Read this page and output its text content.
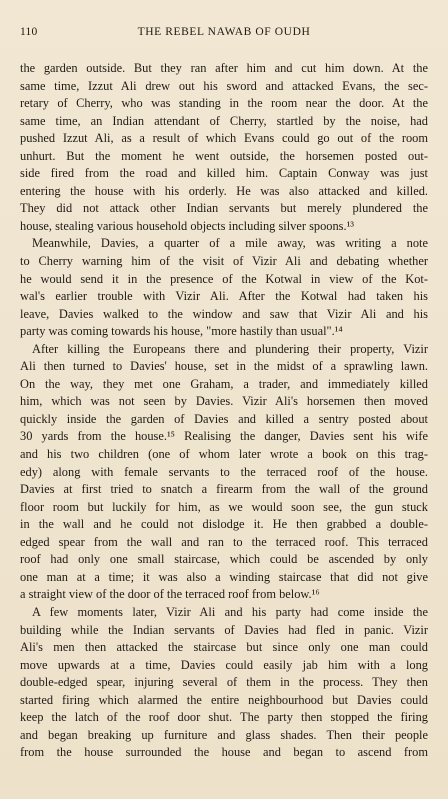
110	THE REBEL NAWAB OF OUDH

the garden outside. But they ran after him and cut him down. At the

same time, Izzut Ali drew out his sword and attacked Evans, the sec-

retary of Cherry, who was standing in the room near the door. At the

same time, an Indian attendant of Cherry, startled by the noise, had

pushed Izzut Ali, as a result of which Evans could go out of the room

unhurt. But the moment he went outside, the horsemen posted out-

side fired from the road and killed him. Captain Conway was just

entering the house with his orderly. He was also attacked and killed.

They did not attack other Indian servants but merely plundered the

house, stealing various household objects including silver spoons.¹³

Meanwhile, Davies, a quarter of a mile away, was writing a note

to Cherry warning him of the visit of Vizir Ali and debating whether

he would send it in the presence of the Kotwal in view of the Kot-

wal's earlier trouble with Vizir Ali. After the Kotwal had taken his

leave, Davies walked to the window and saw that Vizir Ali and his

party was coming towards his house, "more hastily than usual".¹⁴

After killing the Europeans there and plundering their property, Vizir

Ali then turned to Davies' house, set in the midst of a sprawling lawn.

On the way, they met one Graham, a trader, and immediately killed

him, which was not seen by Davies. Vizir Ali's horsemen then moved

quickly inside the garden of Davies and killed a sentry posted about

30 yards from the house.¹⁵ Realising the danger, Davies sent his wife

and his two children (one of whom later wrote a book on this trag-

edy) along with female servants to the terraced roof of the house.

Davies at first tried to snatch a firearm from the wall of the ground

floor room but luckily for him, as we would soon see, the gun stuck

in the wall and he could not dislodge it. He then grabbed a double-

edged spear from the wall and ran to the terraced roof. This terraced

roof had only one small staircase, which could be ascended by only

one man at a time; it was also a winding staircase that did not give

a straight view of the door of the terraced roof from below.¹⁶

A few moments later, Vizir Ali and his party had come inside the

building while the Indian servants of Davies had fled in panic. Vizir

Ali's men then attacked the staircase but since only one man could

move upwards at a time, Davies could easily jab him with a long

double-edged spear, injuring several of them in the process. They then

started firing which alarmed the entire neighbourhood but Davies could

keep the latch of the roof door shut. The party then stopped the firing

and began breaking up furniture and glass shades. Then their people

from the house surrounded the house and began to ascend from
